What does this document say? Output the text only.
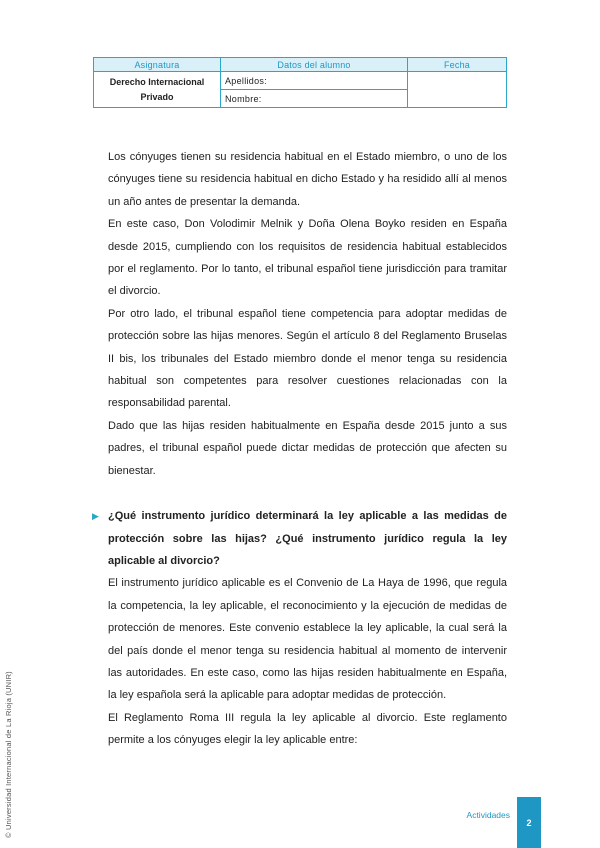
Asignatura	Datos del alumno	Fecha

Derecho Internacional
Privado	Apellidos:	
	Nombre:	

Los cónyuges tienen su residencia habitual en el Estado miembro, o uno de los cónyuges tiene su residencia habitual en dicho Estado y ha residido allí al menos un año antes de presentar la demanda.

En este caso, Don Volodimir Melnik y Doña Olena Boyko residen en España desde 2015, cumpliendo con los requisitos de residencia habitual establecidos por el reglamento. Por lo tanto, el tribunal español tiene jurisdicción para tramitar el divorcio.

Por otro lado, el tribunal español tiene competencia para adoptar medidas de protección sobre las hijas menores. Según el artículo 8 del Reglamento Bruselas II bis, los tribunales del Estado miembro donde el menor tenga su residencia habitual son competentes para resolver cuestiones relacionadas con la responsabilidad parental.

Dado que las hijas residen habitualmente en España desde 2015 junto a sus padres, el tribunal español puede dictar medidas de protección que afecten su bienestar.

▶ ¿Qué instrumento jurídico determinará la ley aplicable a las medidas de protección sobre las hijas? ¿Qué instrumento jurídico regula la ley aplicable al divorcio?

El instrumento jurídico aplicable es el Convenio de La Haya de 1996, que regula la competencia, la ley aplicable, el reconocimiento y la ejecución de medidas de protección de menores. Este convenio establece la ley aplicable, la cual será la del país donde el menor tenga su residencia habitual al momento de intervenir las autoridades. En este caso, como las hijas residen habitualmente en España, la ley española será la aplicable para adoptar medidas de protección.

El Reglamento Roma III regula la ley aplicable al divorcio. Este reglamento permite a los cónyuges elegir la ley aplicable entre:

© Universidad Internacional de La Rioja (UNIR)	Actividades
2
